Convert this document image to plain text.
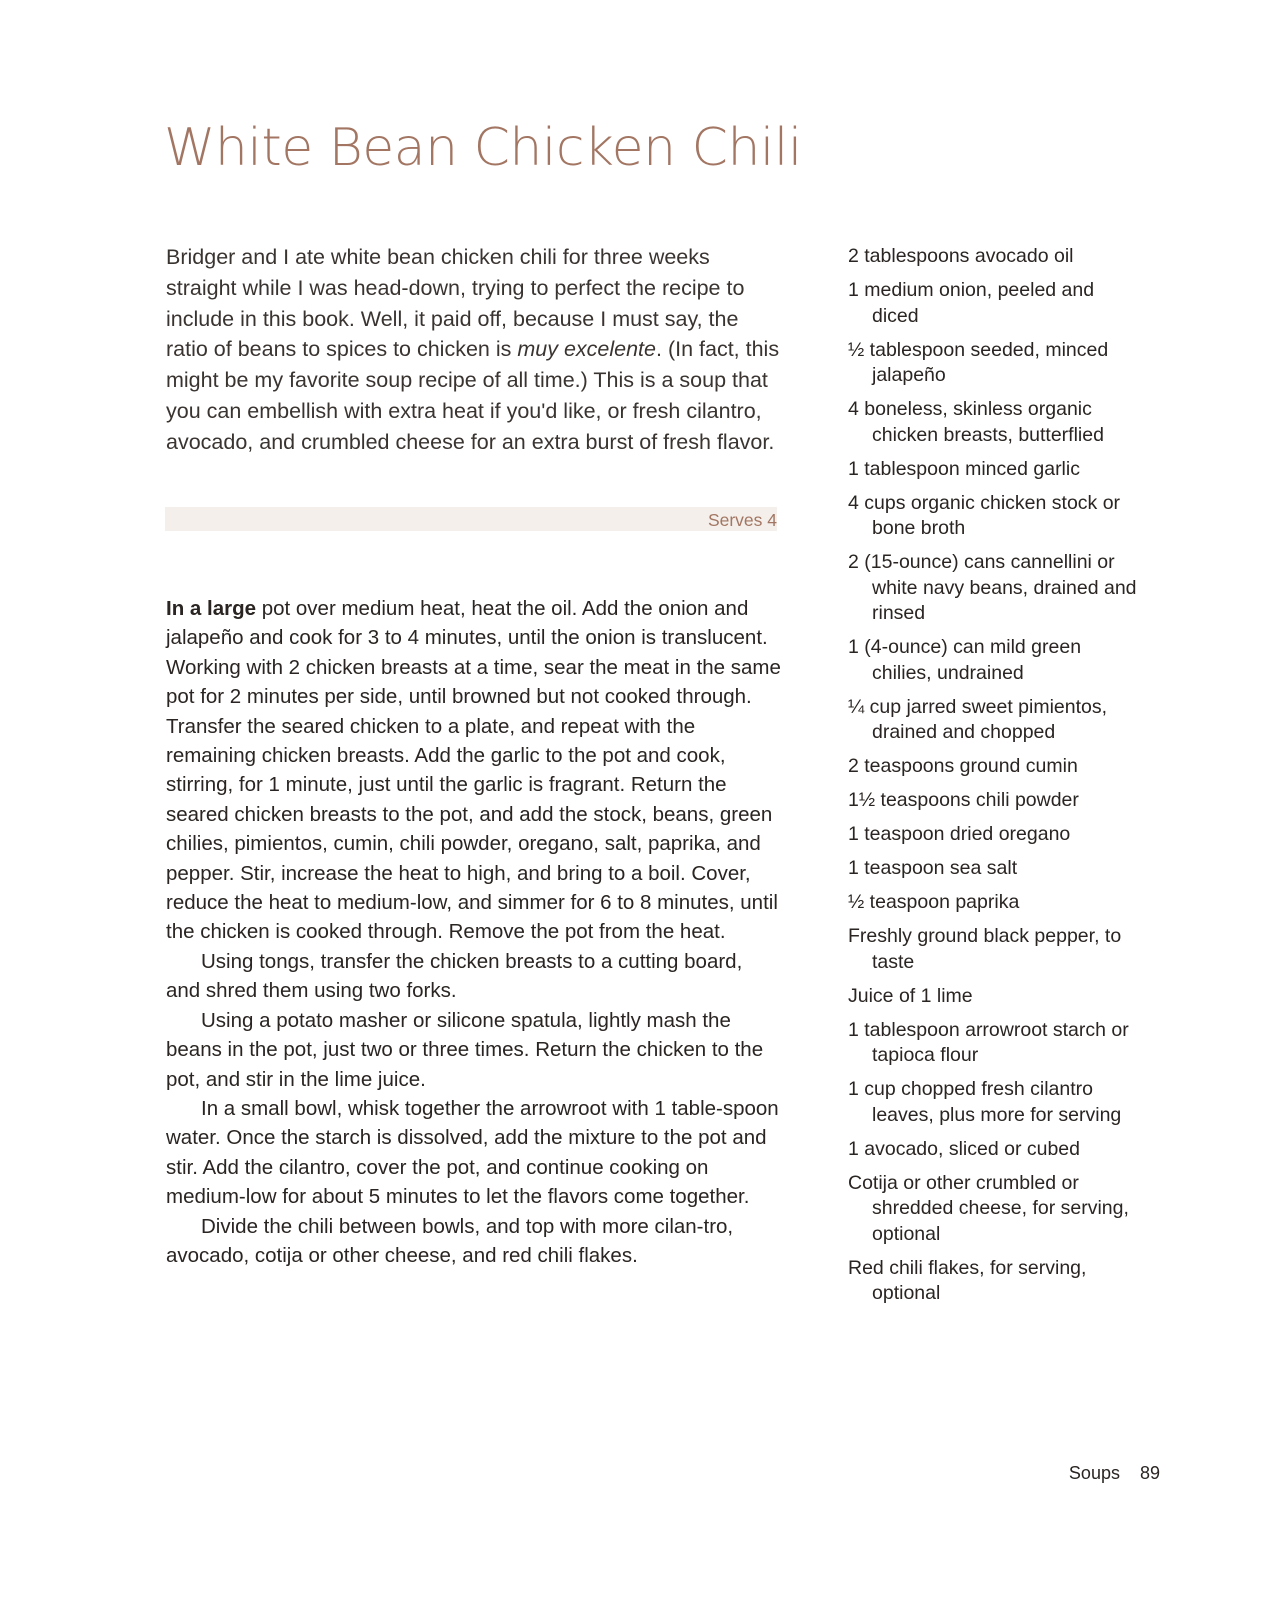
White Bean Chicken Chili

Bridger and I ate white bean chicken chili for three weeks straight while I was head-down, trying to perfect the recipe to include in this book. Well, it paid off, because I must say, the ratio of beans to spices to chicken is muy excelente. (In fact, this might be my favorite soup recipe of all time.) This is a soup that you can embellish with extra heat if you'd like, or fresh cilantro, avocado, and crumbled cheese for an extra burst of fresh flavor.

Serves 4

In a large pot over medium heat, heat the oil. Add the onion and jalapeño and cook for 3 to 4 minutes, until the onion is translucent. Working with 2 chicken breasts at a time, sear the meat in the same pot for 2 minutes per side, until browned but not cooked through. Transfer the seared chicken to a plate, and repeat with the remaining chicken breasts. Add the garlic to the pot and cook, stirring, for 1 minute, just until the garlic is fragrant. Return the seared chicken breasts to the pot, and add the stock, beans, green chilies, pimientos, cumin, chili powder, oregano, salt, paprika, and pepper. Stir, increase the heat to high, and bring to a boil. Cover, reduce the heat to medium-low, and simmer for 6 to 8 minutes, until the chicken is cooked through. Remove the pot from the heat.

Using tongs, transfer the chicken breasts to a cutting board, and shred them using two forks.

Using a potato masher or silicone spatula, lightly mash the beans in the pot, just two or three times. Return the chicken to the pot, and stir in the lime juice.

In a small bowl, whisk together the arrowroot with 1 table-spoon water. Once the starch is dissolved, add the mixture to the pot and stir. Add the cilantro, cover the pot, and continue cooking on medium-low for about 5 minutes to let the flavors come together.

Divide the chili between bowls, and top with more cilan-tro, avocado, cotija or other cheese, and red chili flakes.

2 tablespoons avocado oil
1 medium onion, peeled and diced
½ tablespoon seeded, minced jalapeño
4 boneless, skinless organic chicken breasts, butterflied
1 tablespoon minced garlic
4 cups organic chicken stock or bone broth
2 (15-ounce) cans cannellini or white navy beans, drained and rinsed
1 (4-ounce) can mild green chilies, undrained
¼ cup jarred sweet pimientos, drained and chopped
2 teaspoons ground cumin
1½ teaspoons chili powder
1 teaspoon dried oregano
1 teaspoon sea salt
½ teaspoon paprika
Freshly ground black pepper, to taste
Juice of 1 lime
1 tablespoon arrowroot starch or tapioca flour
1 cup chopped fresh cilantro leaves, plus more for serving
1 avocado, sliced or cubed
Cotija or other crumbled or shredded cheese, for serving, optional
Red chili flakes, for serving, optional
Soups 89
